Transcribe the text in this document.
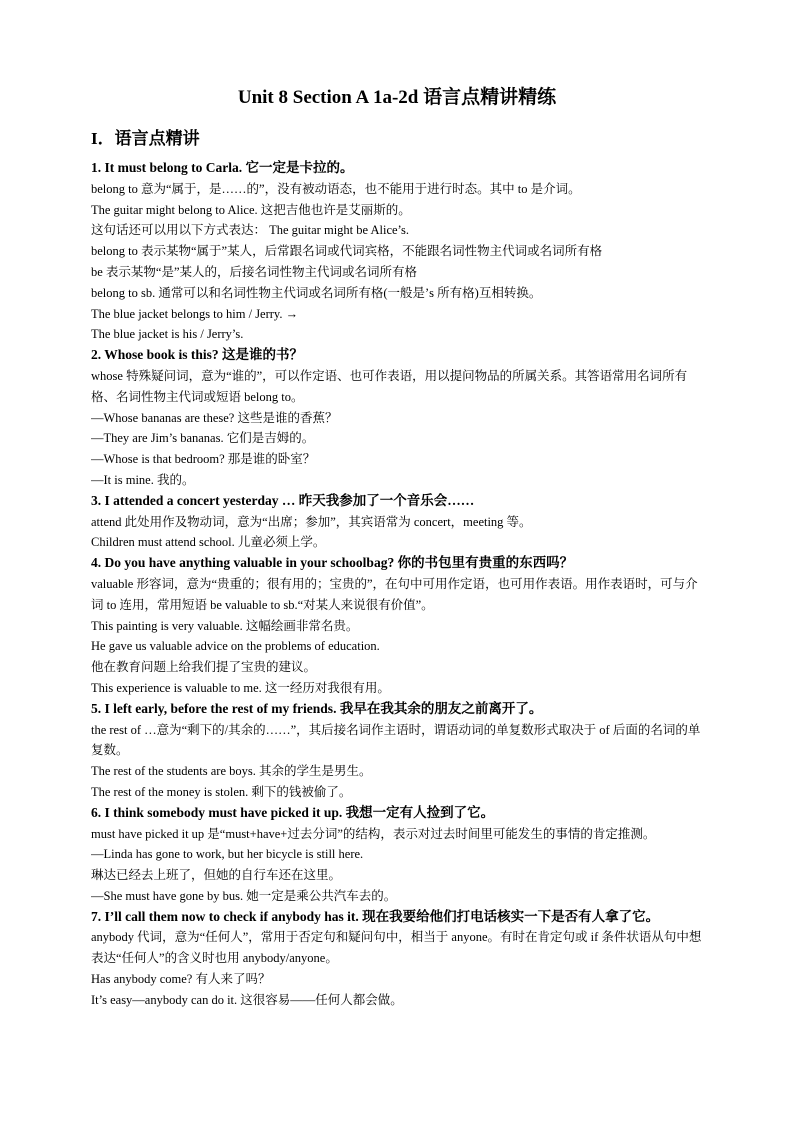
Unit 8 Section A 1a-2d 语言点精讲精练
I．语言点精讲
1. It must belong to Carla. 它一定是卡拉的。
belong to 意为“属于，是……的”，没有被动语态，也不能用于进行时态。其中 to 是介词。
The guitar might belong to Alice. 这把吉他也许是艾丽斯的。
这句话还可以用以下方式表达： The guitar might be Alice’s.
belong to 表示某物“属于”某人，后常跟名词或代词宾格，不能跟名词性物主代词或名词所有格
be 表示某物“是”某人的，后接名词性物主代词或名词所有格
belong to sb. 通常可以和名词性物主代词或名词所有格(一般是’s 所有格)互相转换。
The blue jacket belongs to him / Jerry. →
The blue jacket is his / Jerry’s.
2. Whose book is this? 这是谁的书？
whose 特殊疑问词，意为“谁的”，可以作定语、也可作表语，用以提问物品的所属关系。其答语常用名词所有格、名词性物主代词或短语 belong to。
—Whose bananas are these? 这些是谁的香蕉？
—They are Jim’s bananas. 它们是吉姆的。
—Whose is that bedroom? 那是谁的卧室？
—It is mine. 我的。
3. I attended a concert yesterday … 昨天我参加了一个音乐会……
attend 此处用作及物动词，意为“出席；参加”，其宾语常为 concert，meeting 等。
Children must attend school. 儿童必须上学。
4. Do you have anything valuable in your schoolbag? 你的书包里有贵重的东西吗？
valuable 形容词，意为“贵重的；很有用的；宝贵的”，在句中可用作定语，也可用作表语。用作表语时，可与介词 to 连用，常用短语 be valuable to sb.“对某人来说很有价值”。
This painting is very valuable. 这幅绘画非常名贵。
He gave us valuable advice on the problems of education.
他在教育问题上给我们提了宝贵的建议。
This experience is valuable to me. 这一经历对我很有用。
5. I left early, before the rest of my friends. 我早在我其余的朋友之前离开了。
the rest of …意为“剩下的/其余的……”，其后接名词作主语时，谓语动词的单复数形式取决于 of 后面的名词的单复数。
The rest of the students are boys. 其余的学生是男生。
The rest of the money is stolen. 剩下的钱被偷了。
6. I think somebody must have picked it up. 我想一定有人捡到了它。
must have picked it up 是“must+have+过去分词”的结构，表示对过去时间里可能发生的事情的肯定推测。
—Linda has gone to work, but her bicycle is still here.
琳达已经去上班了，但她的自行车还在这里。
—She must have gone by bus. 她一定是乘公共汽车去的。
7. I’ll call them now to check if anybody has it. 现在我要给他们打电话核实一下是否有人拿了它。
anybody 代词，意为“任何人”，常用于否定句和疑问句中，相当于 anyone。有时在肯定句或 if 条件状语从句中想表达“任何人”的含义时也用 anybody/anyone。
Has anybody come? 有人来了吗？
It’s easy—anybody can do it. 这很容易——任何人都会做。
